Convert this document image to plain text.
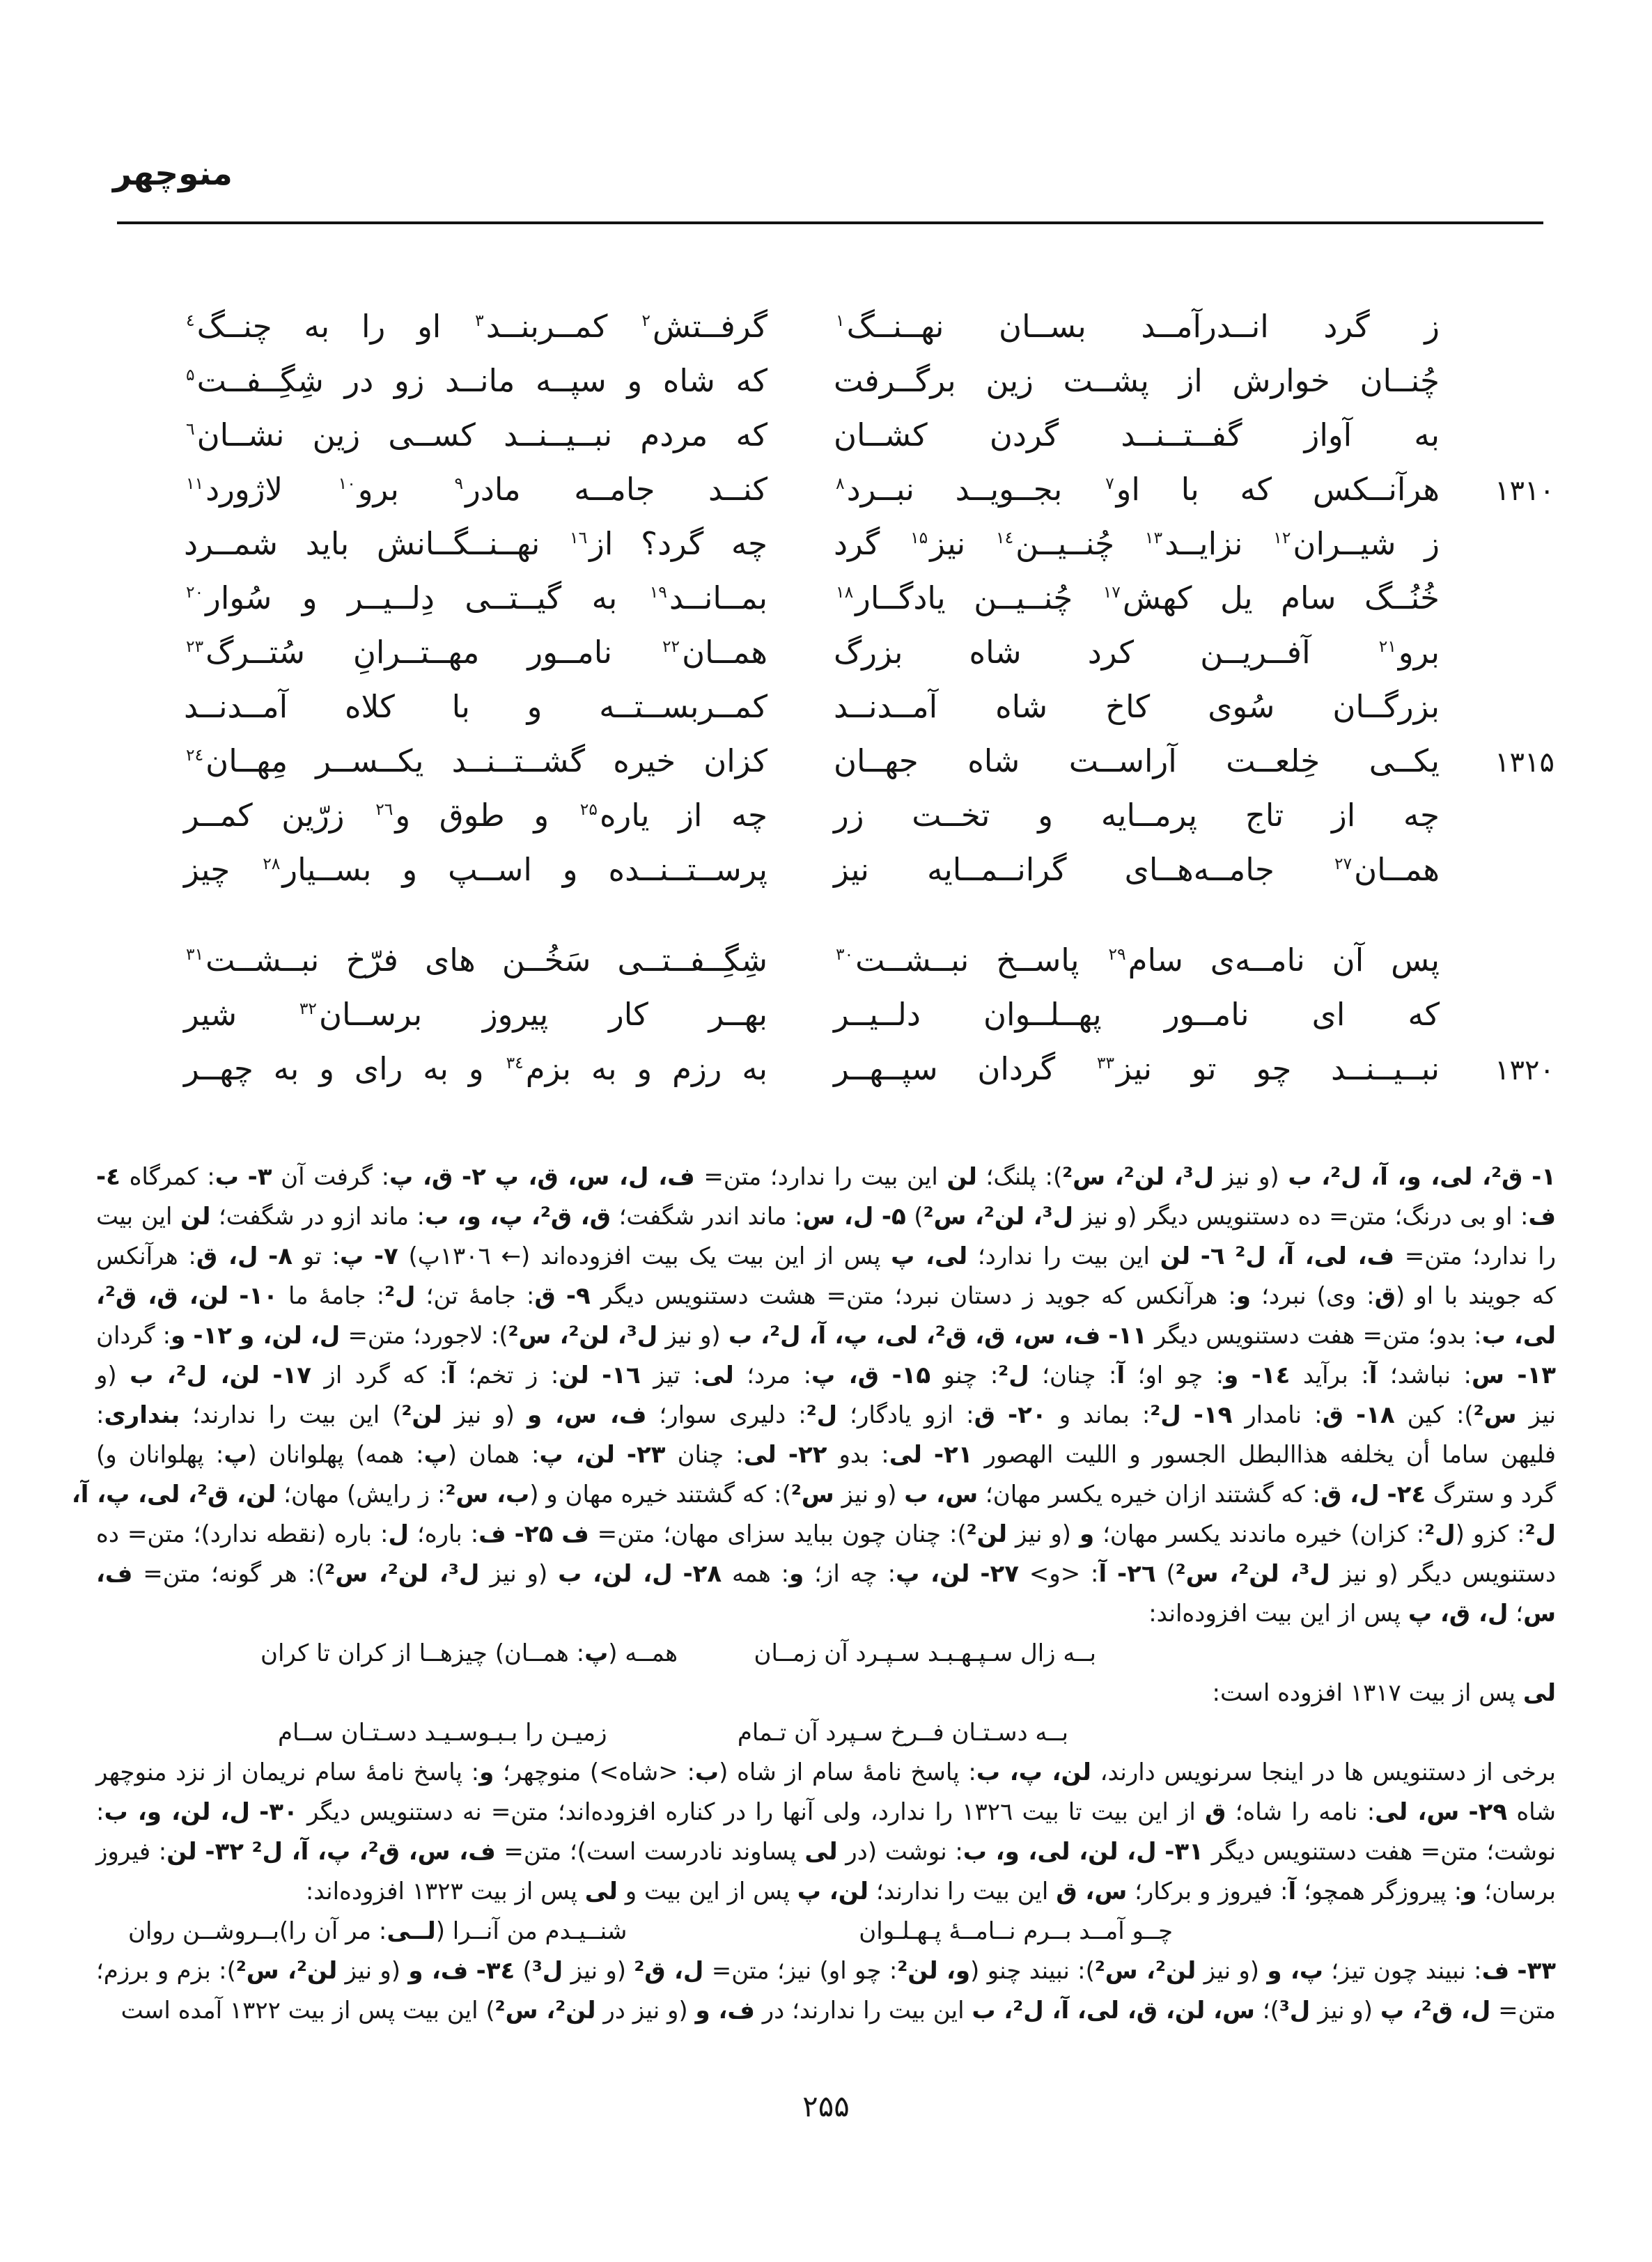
منوچهر
ز گرد انــدرآمــد بســان نهــنــگ$^۱$
گرفــتش$^۲$ کمــربنــد$^۳$ او را به چنــگ$^٤$
چُنــان خوارش از پشــت زین برگــرفت
که شاه و سپــه مانــد زو در شِگِــفــت$^۵$
به آواز گفــتــنــد گردن کشــان
که مردم نبــیــنــد کســی زین نشــان$^٦$
۱۳۱۰
هرآنــکس که با او$^۷$ بجــویــد نبــرد$^۸$
کنــد جامــه مادر$^۹$ برو$^{۱۰}$ لاژورد$^{۱۱}$
ز شیــران$^{۱۲}$ نزایــد$^{۱۳}$ چُنــیــن$^{۱٤}$ نیز$^{۱۵}$ گرد
چه گرد؟ از$^{۱٦}$ نهــنــگــانش باید شمــرد
خُنُــگ سام یل کهش$^{۱۷}$ چُنــیــن یادگــار$^{۱۸}$
بمــانــد$^{۱۹}$ به گیــتــی دِلــیــر و سُوار$^{۲۰}$
برو$^{۲۱}$ آفــریــن کرد شاه بزرگ
همــان$^{۲۲}$ نامــور مهــتــرانِ سُتــرگ$^{۲۳}$
بزرگــان سُوی کاخ شاه آمــدنــد
کمــربســتــه و با کلاه آمــدنــد
۱۳۱۵
یکــی خِلعــت آراســت شاه جهــان
کزان خیره گشــتــنــد یکــســر مِهــان$^{۲٤}$
چه از تاج پرمــایه و تخــت زر
چه از یاره$^{۲۵}$ و طوق و$^{۲٦}$ زرّین کمــر
همــان$^{۲۷}$ جامــه‌هــای گرانــمــایه نیز
پرســتــنــده و اســپ و بســیار$^{۲۸}$ چیز
پس آن نامــه‌ی سام$^{۲۹}$ پاســخ نبــشــت$^{۳۰}$
شِگِــفــتــی سَخُــن های فرّخ نبــشــت$^{۳۱}$
که ای نامــور پهــلــوان دلــیــر
بهــر کار پیروز برســان$^{۳۲}$ شیر
۱۳۲۰
نبــیــنــد چو تو نیز$^{۳۳}$ گردان سپــهــر
به رزم و به بزم$^{۳٤}$ و به رای و به چهــر
۱- ق²، لی، و، آ، ل²، ب (و نیز ل³، لن²، س²): پلنگ؛ لن این بیت را ندارد؛ متن= ف، ل، س، ق، پ ۲- ق، پ: گرفت آن ۳- ب: کمرگاه ٤-
ف: او بی درنگ؛ متن= ده دستنویس دیگر (و نیز ل³، لن²، س²) ۵- ل، س: ماند اندر شگفت؛ ق، ق²، پ، و، ب: ماند ازو در شگفت؛ لن این بیت
را ندارد؛ متن= ف، لی، آ، ل² ٦- لن این بیت را ندارد؛ لی، پ پس از این بیت یک بیت افزوده‌اند (← ۱۳۰٦پ) ۷- پ: تو ۸- ل، ق: هرآنکس
که جویند با او (ق: وی) نبرد؛ و: هرآنکس که جوید ز دستان نبرد؛ متن= هشت دستنویس دیگر ۹- ق: جامهٔ تن؛ ل²: جامهٔ ما ۱۰- لن، ق، ق²،
لی، ب: بدو؛ متن= هفت دستنویس دیگر ۱۱- ف، س، ق، ق²، لی، پ، آ، ل²، ب (و نیز ل³، لن²، س²): لاجورد؛ متن= ل، لن، و ۱۲- و: گردان
۱۳- س: نباشد؛ آ: برآید ۱٤- و: چو او؛ آ: چنان؛ ل²: چنو ۱۵- ق، پ: مرد؛ لی: تیز ۱٦- لن: ز تخم؛ آ: که گرد از ۱۷- لن، ل²، ب (و
نیز س²): کین ۱۸- ق: نامدار ۱۹- ل²: بماند و ۲۰- ق: ازو یادگار؛ ل²: دلیری سوار؛ ف، س، و (و نیز لن²) این بیت را ندارند؛ بنداری:
فلیهن ساما أن یخلفه هذاالبطل الجسور و اللیت الهصور ۲۱- لی: بدو ۲۲- لی: چنان ۲۳- لن، پ: همان (پ: همه) پهلوانان (پ: پهلوانان و)
گرد و سترگ ۲٤- ل، ق: که گشتند ازان خیره یکسر مهان؛ س، ب (و نیز س²): که گشتند خیره مهان و (ب، س²: ز رایش) مهان؛ لن، ق²، لی، پ، آ،
ل²: کزو (ل²: کزان) خیره ماندند یکسر مهان؛ و (و نیز لن²): چنان چون بباید سزای مهان؛ متن= ف ۲۵- ف: باره؛ ل: باره (نقطه ندارد)؛ متن= ده
دستنویس دیگر (و نیز ل³، لن²، س²) ۲٦- آ: <و> ۲۷- لن، پ: چه از؛ و: همه ۲۸- ل، لن، ب (و نیز ل³، لن²، س²): هر گونه؛ متن= ف،
س؛ ل، ق، پ پس از این بیت افزوده‌اند:
بــه زال سـپـهـبـد سـپـرد آن زمــان
همــه (پ: همــان) چیزهــا از کران تا کران
لی پس از بیت ۱۳۱۷ افزوده است:
بــه دسـتـان فــرخ سـپرد آن تـمام
زمیـن را بـبـوسـیـد دسـتـان ســام
برخی از دستنویس ها در اینجا سرنویس دارند، لن، پ، ب: پاسخ نامهٔ سام از شاه (ب: <شاه>) منوچهر؛ و: پاسخ نامهٔ سام نریمان از نزد منوچهر
شاه ۲۹- س، لی: نامه را شاه؛ ق از این بیت تا بیت ۱۳۲٦ را ندارد، ولی آنها را در کناره افزوده‌اند؛ متن= نه دستنویس دیگر ۳۰- ل، لن، و، ب:
نوشت؛ متن= هفت دستنویس دیگر ۳۱- ل، لن، لی، و، ب: نوشت (در لی پساوند نادرست است)؛ متن= ف، س، ق²، پ، آ، ل² ۳۲- لن: فیروز
برسان؛ و: پیروزگر همچو؛ آ: فیروز و برکار؛ س، ق این بیت را ندارند؛ لن، پ پس از این بیت و لی پس از بیت ۱۳۲۳ افزوده‌اند:
چــو آمــد بــرم نــامــهٔ پـهـلـوان
شنــیـدم من آنــرا (لــی: مر آن را)بــروشــن روان
۳۳- ف: نبیند چون تیز؛ پ، و (و نیز لن²، س²): نبیند چنو (و، لن²: چو او) نیز؛ متن= ل، ق² (و نیز ل³) ۳٤- ف، و (و نیز لن²، س²): بزم و برزم؛
متن= ل، ق²، پ (و نیز ل³)؛ س، لن، ق، لی، آ، ل²، ب این بیت را ندارند؛ در ف، و (و نیز در لن²، س²) این بیت پس از بیت ۱۳۲۲ آمده است
۲۵۵
